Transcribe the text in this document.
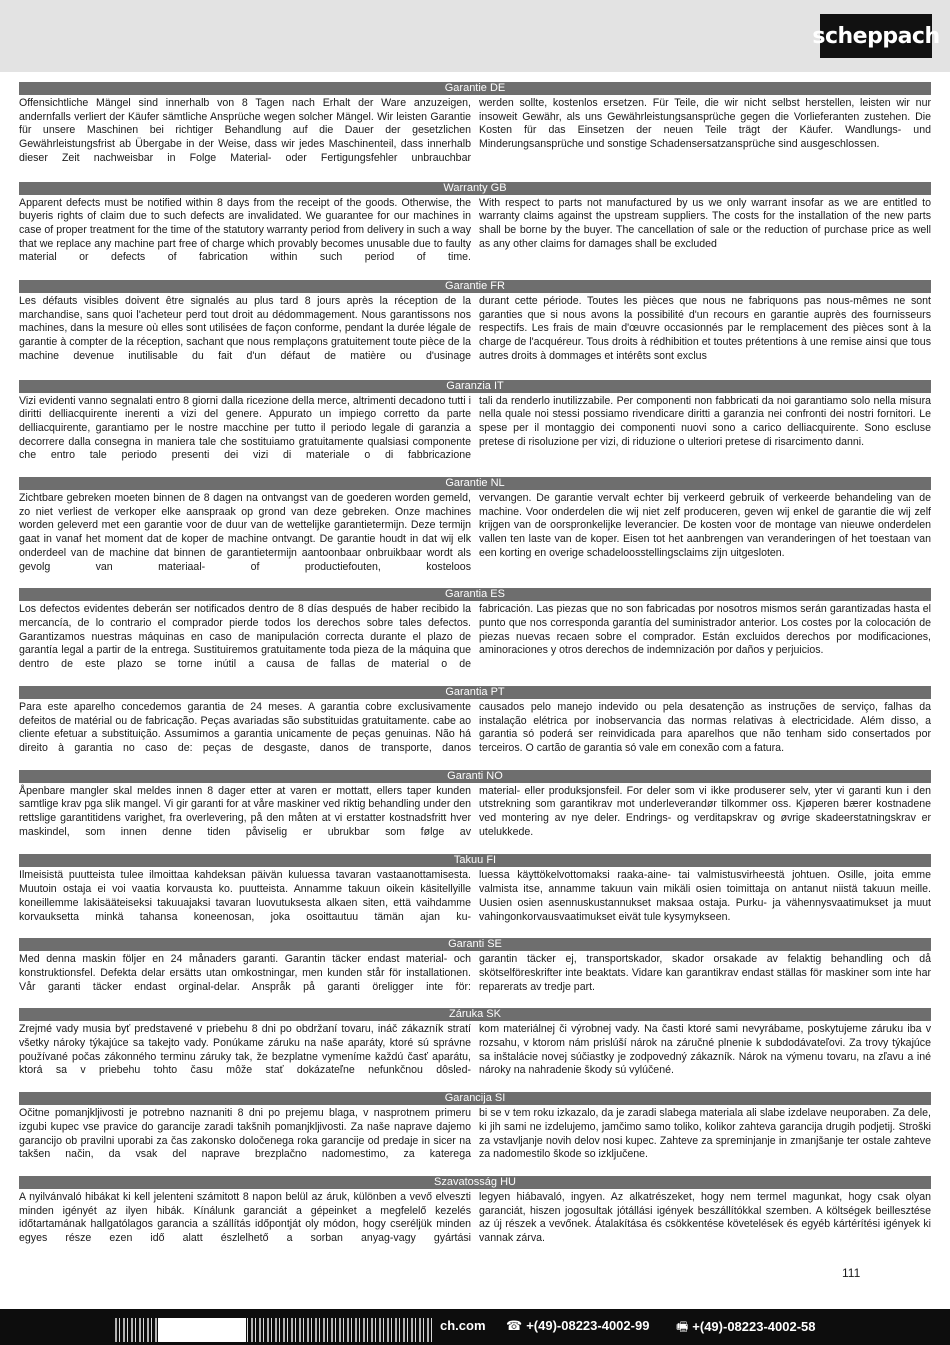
scheppach
Garantie DE
Offensichtliche Mängel sind innerhalb von 8 Tagen nach Erhalt der Ware anzuzeigen, andernfalls verliert der Käufer sämtliche Ansprüche wegen solcher Mängel. Wir leisten Garantie für unsere Maschinen bei richtiger Behandlung auf die Dauer der gesetzlichen Gewährleistungsfrist ab Übergabe in der Weise, dass wir jedes Maschinenteil, dass innerhalb dieser Zeit nachweisbar in Folge Material- oder Fertigungsfehler unbrauchbar
werden sollte, kostenlos ersetzen. Für Teile, die wir nicht selbst herstellen, leisten wir nur insoweit Gewähr, als uns Gewährleistungsansprüche gegen die Vorlieferanten zustehen. Die Kosten für das Einsetzen der neuen Teile trägt der Käufer. Wandlungs- und Minderungsansprüche und sonstige Schadensersatzansprüche sind ausgeschlossen.
Warranty GB
Apparent defects must be notified within 8 days from the receipt of the goods. Otherwise, the buyeris rights of claim due to such defects are invalidated. We guarantee for our machines in case of proper treatment for the time of the statutory warranty period from delivery in such a way that we replace any machine part free of charge which provably becomes unusable due to faulty material or defects of fabrication within such period of time.
With respect to parts not manufactured by us we only warrant insofar as we are entitled to warranty claims against the upstream suppliers. The costs for the installation of the new parts shall be borne by the buyer. The cancellation of sale or the reduction of purchase price as well as any other claims for damages shall be excluded
Garantie FR
Les défauts visibles doivent être signalés au plus tard 8 jours après la réception de la marchandise, sans quoi l'acheteur perd tout droit au dédommagement. Nous garantissons nos machines, dans la mesure où elles sont utilisées de façon conforme, pendant la durée légale de garantie à compter de la réception, sachant que nous remplaçons gratuitement toute pièce de la machine devenue inutilisable du fait d'un défaut de matière ou d'usinage
durant cette période. Toutes les pièces que nous ne fabriquons pas nous-mêmes ne sont garanties que si nous avons la possibilité d'un recours en garantie auprès des fournisseurs respectifs. Les frais de main d'œuvre occasionnés par le remplacement des pièces sont à la charge de l'acquéreur. Tous droits à rédhibition et toutes prétentions à une remise ainsi que tous autres droits à dommages et intérêts sont exclus
Garanzia IT
Vizi evidenti vanno segnalati entro 8 giorni dalla ricezione della merce, altrimenti decadono tutti i diritti delliacquirente inerenti a vizi del genere. Appurato un impiego corretto da parte delliacquirente, garantiamo per le nostre macchine per tutto il periodo legale di garanzia a decorrere dalla consegna in maniera tale che sostituiamo gratuitamente qualsiasi componente che entro tale periodo presenti dei vizi di materiale o di fabbricazione
tali da renderlo inutilizzabile. Per componenti non fabbricati da noi garantiamo solo nella misura nella quale noi stessi possiamo rivendicare diritti a garanzia nei confronti dei nostri fornitori. Le spese per il montaggio dei componenti nuovi sono a carico delliacquirente. Sono escluse pretese di risoluzione per vizi, di riduzione o ulteriori pretese di risarcimento danni.
Garantie NL
Zichtbare gebreken moeten binnen de 8 dagen na ontvangst van de goederen worden gemeld, zo niet verliest de verkoper elke aanspraak op grond van deze gebreken. Onze machines worden geleverd met een garantie voor de duur van de wettelijke garantietermijn. Deze termijn gaat in vanaf het moment dat de koper de machine ontvangt. De garantie houdt in dat wij elk onderdeel van de machine dat binnen de garantietermijn aantoonbaar onbruikbaar wordt als gevolg van materiaal- of productiefouten, kosteloos
vervangen. De garantie vervalt echter bij verkeerd gebruik of verkeerde behandeling van de machine. Voor onderdelen die wij niet zelf produceren, geven wij enkel de garantie die wij zelf krijgen van de oorspronkelijke leverancier. De kosten voor de montage van nieuwe onderdelen vallen ten laste van de koper. Eisen tot het aanbrengen van veranderingen of het toestaan van een korting en overige schadeloosstellingsclaims zijn uitgesloten.
Garantia ES
Los defectos evidentes deberán ser notificados dentro de 8 días después de haber recibido la mercancía, de lo contrario el comprador pierde todos los derechos sobre tales defectos. Garantizamos nuestras máquinas en caso de manipulación correcta durante el plazo de garantía legal a partir de la entrega. Sustituiremos gratuitamente toda pieza de la máquina que dentro de este plazo se torne inútil a causa de fallas de material o de
fabricación. Las piezas que no son fabricadas por nosotros mismos serán garantizadas hasta el punto que nos corresponda garantía del suministrador anterior. Los costes por la colocación de piezas nuevas recaen sobre el comprador. Están excluidos derechos por modificaciones, aminoraciones y otros derechos de indemnización por daños y perjuicios.
Garantia PT
Para este aparelho concedemos garantia de 24 meses. A garantia cobre exclusivamente defeitos de matérial ou de fabricação. Peças avariadas são substituidas gratuitamente. cabe ao cliente efetuar a substituição. Assumimos a garantia unicamente de peças genuinas. Não há direito à garantia no caso de: peças de desgaste, danos de transporte, danos
causados pelo manejo indevido ou pela desatenção as instruções de serviço, falhas da instalação elétrica por inobservancia das normas relativas à electricidade. Além disso, a garantia só poderá ser reinvidicada para aparelhos que não tenham sido consertados por terceiros. O cartão de garantia só vale em conexão com a fatura.
Garanti NO
Åpenbare mangler skal meldes innen 8 dager etter at varen er mottatt, ellers taper kunden samtlige krav pga slik mangel. Vi gir garanti for at våre maskiner ved riktig behandling under den rettslige garantitidens varighet, fra overlevering, på den måten at vi erstatter kostnadsfritt hver maskindel, som innen denne tiden påviselig er ubrukbar som følge av
material- eller produksjonsfeil. For deler som vi ikke produserer selv, yter vi garanti kun i den utstrekning som garantikrav mot underleverandør tilkommer oss. Kjøperen bærer kostnadene ved montering av nye deler. Endrings- og verditapskrav og øvrige skadeerstatningskrav er utelukkede.
Takuu FI
Ilmeisistä puutteista tulee ilmoittaa kahdeksan päivän kuluessa tavaran vastaanottamisesta. Muutoin ostaja ei voi vaatia korvausta ko. puutteista. Annamme takuun oikein käsitellyille koneillemme lakisääteiseksi takuuajaksi tavaran luovutuksesta alkaen siten, että vaihdamme korvauksetta minkä tahansa koneenosan, joka osoittautuu tämän ajan ku-
luessa käyttökelvottomaksi raaka-aine- tai valmistusvirheestä johtuen. Osille, joita emme valmista itse, annamme takuun vain mikäli osien toimittaja on antanut niistä takuun meille. Uusien osien asennuskustannukset maksaa ostaja. Purku- ja vähennysvaatimukset ja muut vahingonkorvausvaatimukset eivät tule kysymykseen.
Garanti SE
Med denna maskin följer en 24 månaders garanti. Garantin täcker endast material- och konstruktionsfel. Defekta delar ersätts utan omkostningar, men kunden står för installationen. Vår garanti täcker endast orginal-delar. Anspråk på garanti öreligger inte för:
garantin täcker ej, transportskador, skador orsakade av felaktig behandling och då skötselföreskrifter inte beaktats. Vidare kan garantikrav endast ställas för maskiner som inte har reparerats av tredje part.
Záruka SK
Zrejmé vady musia byť predstavené v priebehu 8 dni po obdržaní tovaru, ináč zákazník stratí všetky nároky týkajúce sa takejto vady. Ponúkame záruku na naše aparáty, ktoré sú správne používané počas zákonného terminu záruky tak, že bezplatne vymeníme každú časť aparátu, ktorá sa v priebehu tohto času môže stať dokázateľne nefunkčnou dôsled-
kom materiálnej či výrobnej vady. Na časti ktoré sami nevyrábame, poskytujeme záruku iba v rozsahu, v ktorom nám prislúší nárok na záručné plnenie k subdodávateľovi. Za trovy týkajúce sa inštalácie novej súčiastky je zodpovedný zákazník. Nárok na výmenu tovaru, na zľavu a iné nároky na nahradenie škody sú vylúčené.
Garancija SI
Očitne pomanjkljivosti je potrebno naznaniti 8 dni po prejemu blaga, v nasprotnem primeru izgubi kupec vse pravice do garancije zaradi takšnih pomanjkljivosti. Za naše naprave dajemo garancijo ob pravilni uporabi za čas zakonsko določenega roka garancije od predaje in sicer na takšen način, da vsak del naprave brezplačno nadomestimo, za katerega
bi se v tem roku izkazalo, da je zaradi slabega materiala ali slabe izdelave neuporaben. Za dele, ki jih sami ne izdelujemo, jamčimo samo toliko, kolikor zahteva garancija drugih podjetij. Stroški za vstavljanje novih delov nosi kupec. Zahteve za spreminjanje in zmanjšanje ter ostale zahteve za nadomestilo škode so izključene.
Szavatosság HU
A nyilvánvaló hibákat ki kell jelenteni számitott 8 napon belül az áruk, különben a vevő elveszti minden igényét az ilyen hibák. Kínálunk garanciát a gépeinket a megfelelő kezelés időtartamának hallgatólagos garancia a szállítás időpontját oly módon, hogy cseréljük minden egyes része ezen idő alatt észlelhető a sorban anyag-vagy gyártási
legyen hiábavaló, ingyen. Az alkatrészeket, hogy nem termel magunkat, hogy csak olyan garanciát, hiszen jogosultak jótállási igények beszállítókkal szemben. A költségek beillesztése az új részek a vevőnek. Átalakítása és csökkentése követelések és egyéb kártérítési igények ki vannak zárva.
111
ch.com ☎ +(49)-08223-4002-99 🖷 +(49)-08223-4002-58
